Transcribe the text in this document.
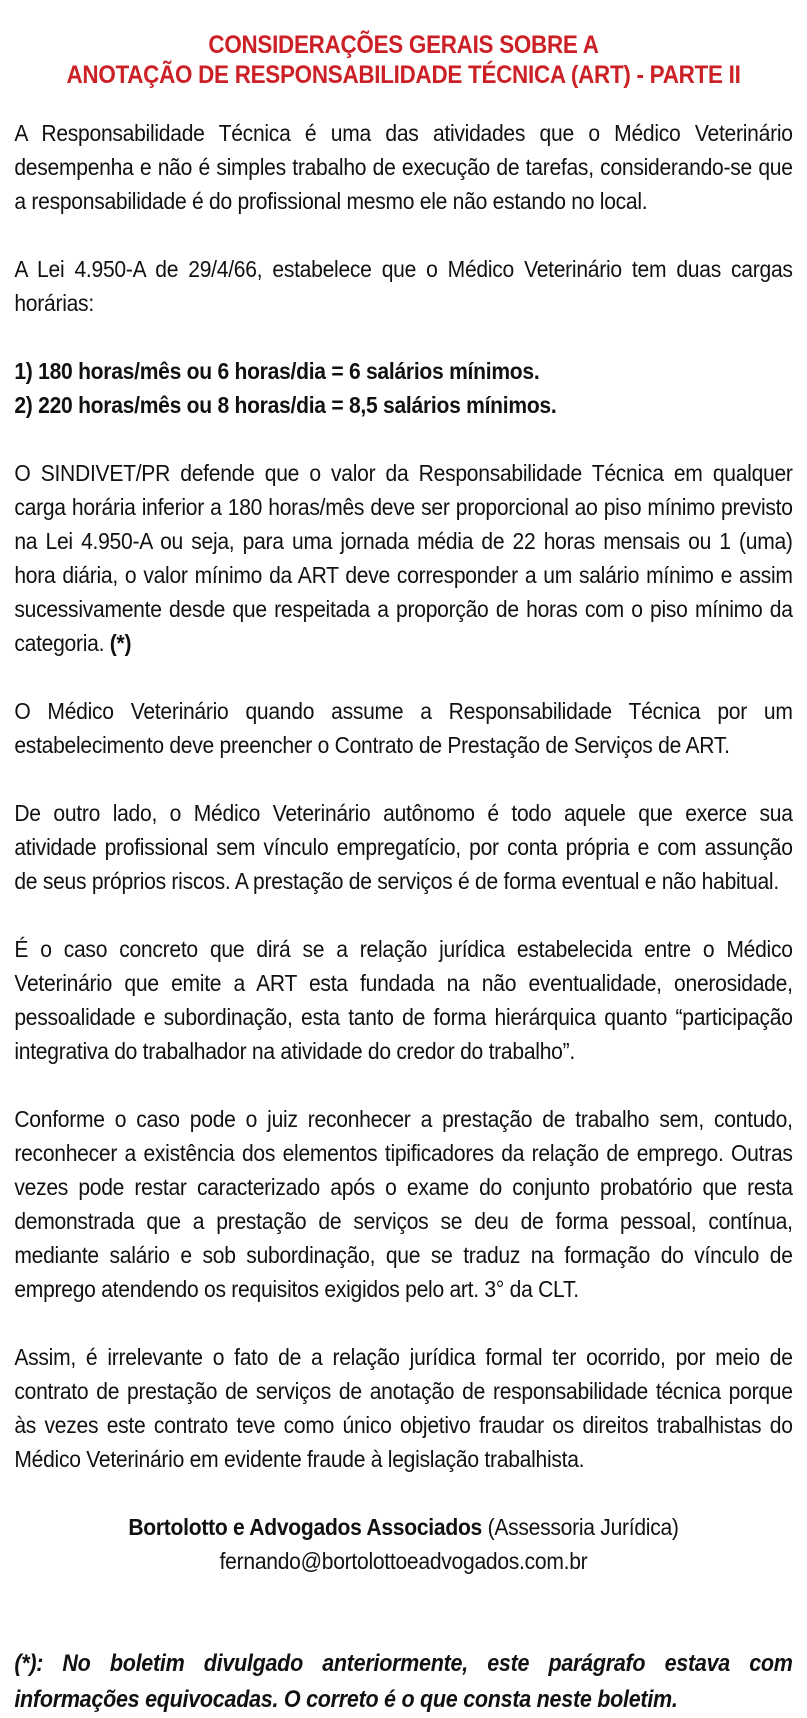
CONSIDERAÇÕES GERAIS SOBRE A
ANOTAÇÃO DE RESPONSABILIDADE TÉCNICA (ART) - PARTE II

A Responsabilidade Técnica é uma das atividades que o Médico Veterinário desempenha e não é simples trabalho de execução de tarefas, considerando-se que a responsabilidade é do profissional mesmo ele não estando no local.

A Lei 4.950-A de 29/4/66, estabelece que o Médico Veterinário tem duas cargas horárias:

1) 180 horas/mês ou 6 horas/dia = 6 salários mínimos.
2) 220 horas/mês ou 8 horas/dia = 8,5 salários mínimos.

O SINDIVET/PR defende que o valor da Responsabilidade Técnica em qualquer carga horária inferior a 180 horas/mês deve ser proporcional ao piso mínimo previsto na Lei 4.950-A ou seja, para uma jornada média de 22 horas mensais ou 1 (uma) hora diária, o valor mínimo da ART deve corresponder a um salário mínimo e assim sucessivamente desde que respeitada a proporção de horas com o piso mínimo da categoria. (*)

O Médico Veterinário quando assume a Responsabilidade Técnica por um estabelecimento deve preencher o Contrato de Prestação de Serviços de ART.

De outro lado, o Médico Veterinário autônomo é todo aquele que exerce sua atividade profissional sem vínculo empregatício, por conta própria e com assunção de seus próprios riscos. A prestação de serviços é de forma eventual e não habitual.

É o caso concreto que dirá se a relação jurídica estabelecida entre o Médico Veterinário que emite a ART esta fundada na não eventualidade, onerosidade, pessoalidade e subordinação, esta tanto de forma hierárquica quanto “participação integrativa do trabalhador na atividade do credor do trabalho”.

Conforme o caso pode o juiz reconhecer a prestação de trabalho sem, contudo, reconhecer a existência dos elementos tipificadores da relação de emprego. Outras vezes pode restar caracterizado após o exame do conjunto probatório que resta demonstrada que a prestação de serviços se deu de forma pessoal, contínua, mediante salário e sob subordinação, que se traduz na formação do vínculo de emprego atendendo os requisitos exigidos pelo art. 3° da CLT.

Assim, é irrelevante o fato de a relação jurídica formal ter ocorrido, por meio de contrato de prestação de serviços de anotação de responsabilidade técnica porque às vezes este contrato teve como único objetivo fraudar os direitos trabalhistas do Médico Veterinário em evidente fraude à legislação trabalhista.

Bortolotto e Advogados Associados (Assessoria Jurídica)
fernando@bortolottoeadvogados.com.br

(*): No boletim divulgado anteriormente, este parágrafo estava com informações equivocadas. O correto é o que consta neste boletim.
